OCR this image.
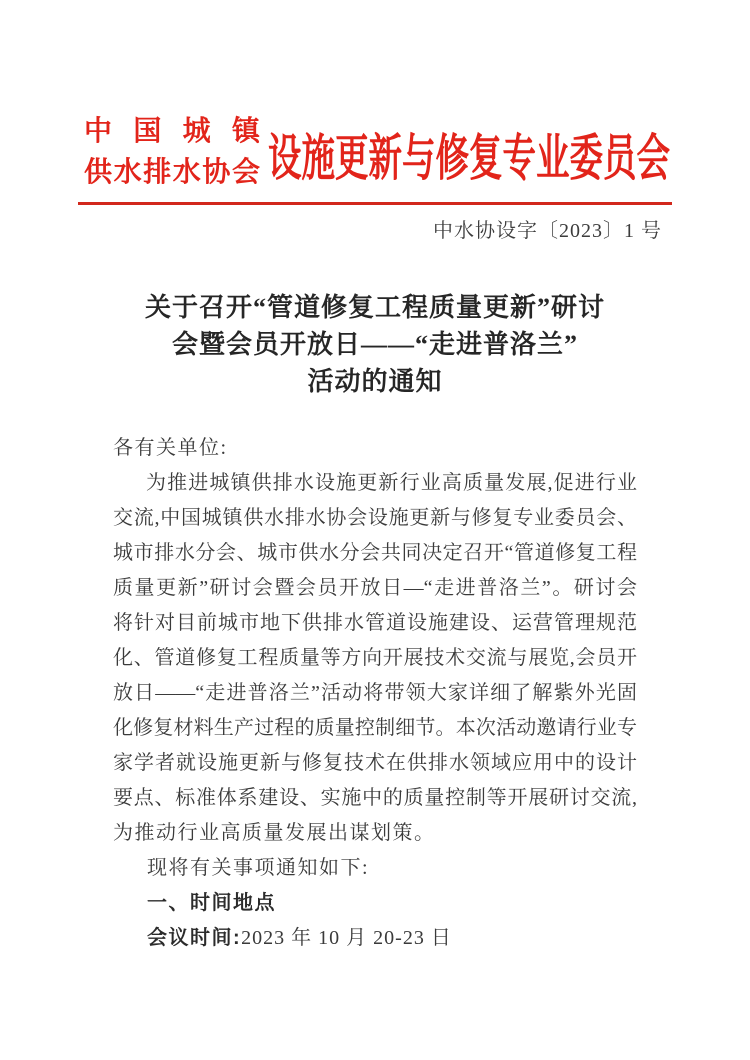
中 国 城 镇
供水排水协会 设施更新与修复专业委员会
中水协设字〔2023〕1 号
关于召开“管道修复工程质量更新”研讨
会暨会员开放日——“走进普洛兰”
活动的通知
各有关单位:
为推进城镇供排水设施更新行业高质量发展,促进行业
交流,中国城镇供水排水协会设施更新与修复专业委员会、
城市排水分会、城市供水分会共同决定召开“管道修复工程
质量更新”研讨会暨会员开放日—“走进普洛兰”。研讨会
将针对目前城市地下供排水管道设施建设、运营管理规范
化、管道修复工程质量等方向开展技术交流与展览,会员开
放日——“走进普洛兰”活动将带领大家详细了解紫外光固
化修复材料生产过程的质量控制细节。本次活动邀请行业专
家学者就设施更新与修复技术在供排水领域应用中的设计
要点、标准体系建设、实施中的质量控制等开展研讨交流,
为推动行业高质量发展出谋划策。
现将有关事项通知如下:
一、时间地点
会议时间:2023 年 10 月 20-23 日
